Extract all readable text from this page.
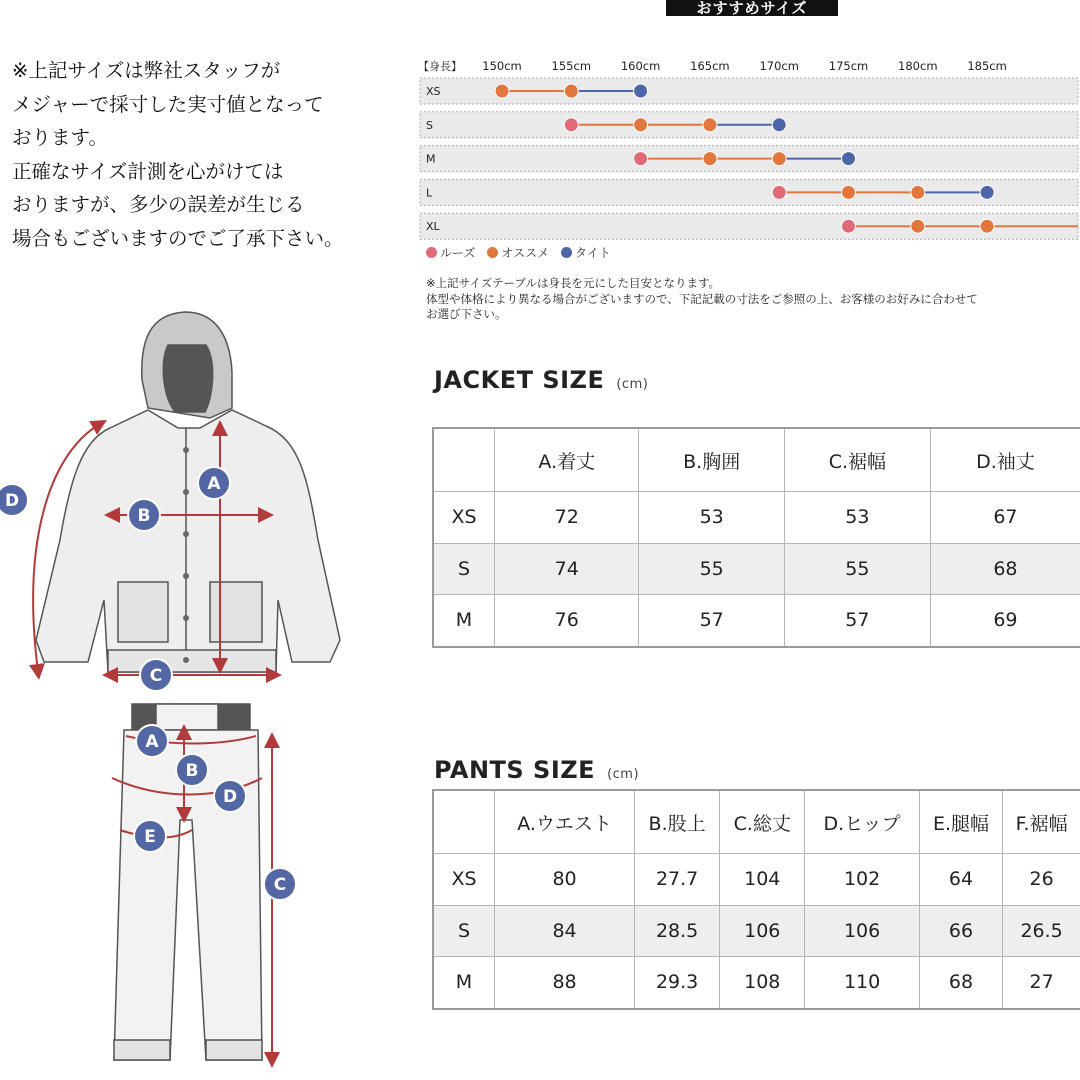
おすすめサイズ

※上記サイズは弊社スタッフが
メジャーで採寸した実寸値となって
おります。
正確なサイズ計測を心がけては
おりますが、多少の誤差が生じる
場合もございますのでご了承下さい。

【身長】 150cm	155cm	160cm	165cm	170cm	175cm	180cm	185cm
XS
S
M
L
XL
ルーズ
オススメ
タイト
※上記サイズテーブルは身長を元にした目安となります。
体型や体格により異なる場合がございますので、下記記載の寸法をご参照の上、お客様のお好みに合わせて
お選び下さい。
JACKET SIZE (cm)
	A.着丈	B.胸囲	C.裾幅	D.袖丈
XS	72	53	53	67
S	74	55	55	68
M	76	57	57	69
PANTS SIZE (cm)
	A.ウエスト	B.股上	C.総丈	D.ヒップ	E.腿幅	F.裾幅
XS	80	27.7	104	102	64	26
S	84	28.5	106	106	66	26.5
M	88	29.3	108	110	68	27
A
B
C
D
A
B
C
D
E
